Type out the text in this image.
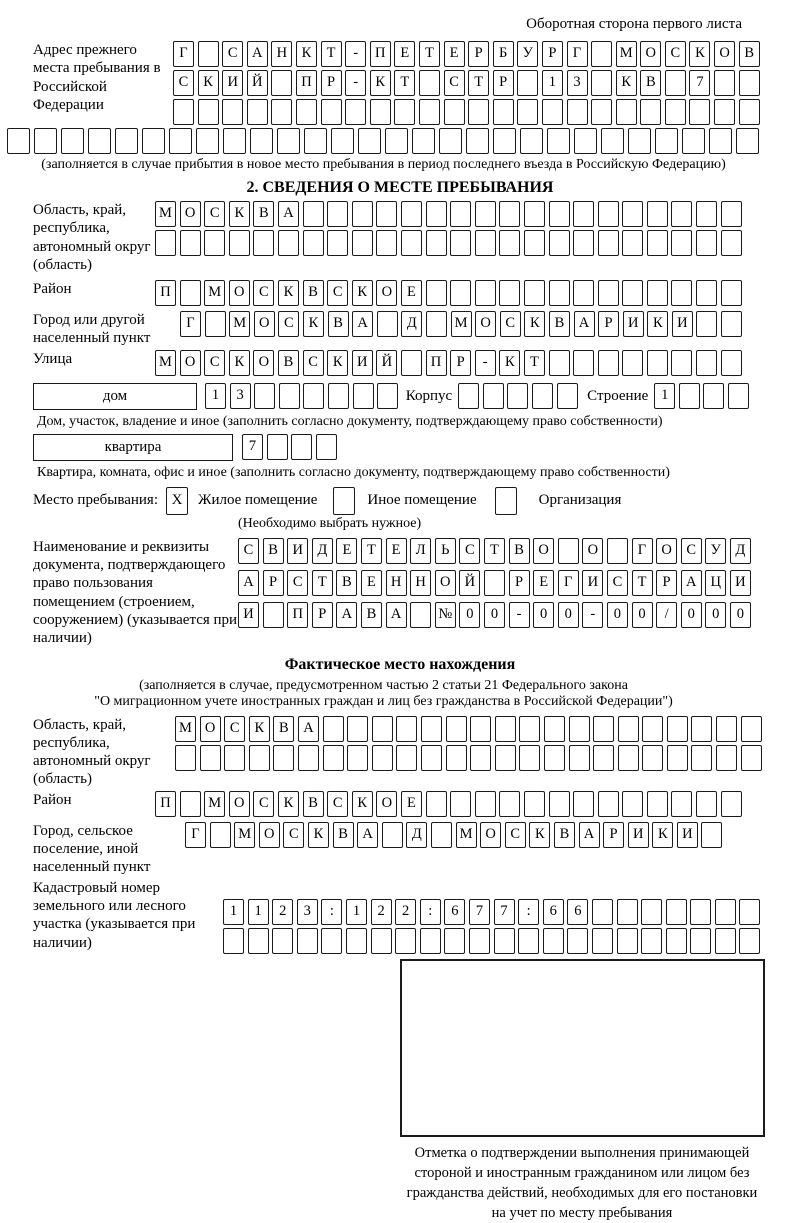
Оборотная сторона первого листа
Адрес прежнего места пребывания в Российской Федерации
Г	С А Н К Т - П Е Т Е Р Б У Р Г	М О С К О В
С К И Й	П Р - К Т	С Т Р	1 3	К В	7
(заполняется в случае прибытия в новое место пребывания в период последнего въезда в Российскую Федерацию)
2. СВЕДЕНИЯ О МЕСТЕ ПРЕБЫВАНИЯ
Область, край, республика, автономный округ (область)
М О С К В А
Район	П	М О С К В С К О Е
Город или другой населенный пункт
Г	М О С К В А	Д	М О С К В А Р И К И
Улица	М О С К О В С К И Й	П Р - К Т
дом	1 3	Корпус	Строение 1
Дом, участок, владение и иное (заполнить согласно документу, подтверждающему право собственности)
квартира	7
Квартира, комната, офис и иное (заполнить согласно документу, подтверждающему право собственности)
Место пребывания: X	Жилое помещение	Иное помещение	Организация
(Необходимо выбрать нужное)
Наименование и реквизиты документа, подтверждающего право пользования помещением (строением, сооружением) (указывается при наличии)
С В И Д Е Т Е Л Ь С Т В О	О	Г О С У Д
А Р С Т В Е Н Н О Й	Р Е Г И С Т Р А Ц И
И	П Р А В А	№ 0 0 - 0 0 - 0 0 / 0 0 0
Фактическое место нахождения
(заполняется в случае, предусмотренном частью 2 статьи 21 Федерального закона
"О миграционном учете иностранных граждан и лиц без гражданства в Российской Федерации")
Область, край, республика, автономный округ (область)
М О С К В А
Район	П	М О С К В С К О Е
Город, сельское поселение, иной населенный пункт
Г	М О С К В А	Д	М О С К В А Р И К И
Кадастровый номер земельного или лесного участка (указывается при наличии)
1 1 2 3 : 1 2 2 : 6 7 7 : 6 6
Отметка о подтверждении выполнения принимающей
стороной и иностранным гражданином или лицом без
гражданства действий, необходимых для его постановки
на учет по месту пребывания
